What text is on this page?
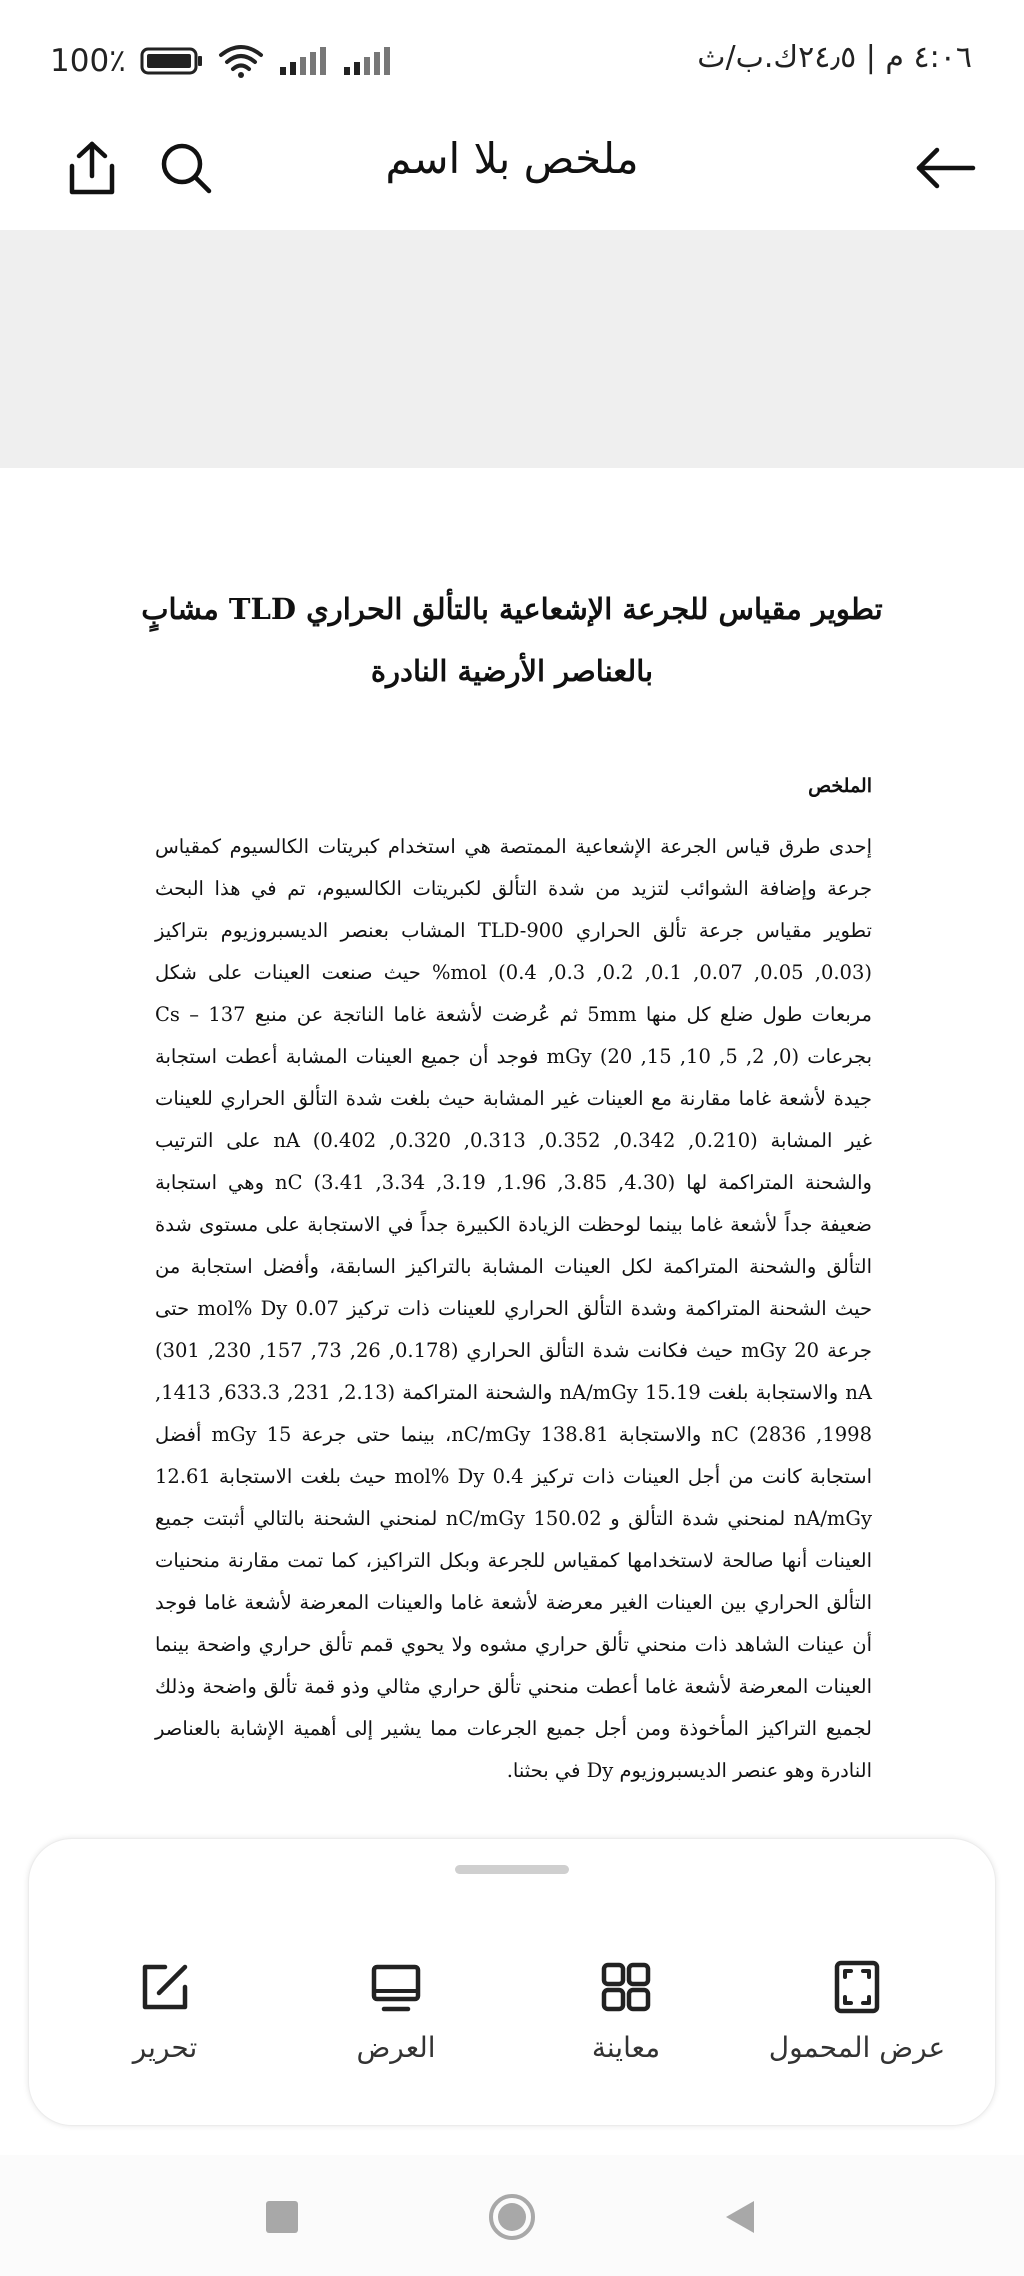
100٪	٤:٠٦ م | ٢٤٫٥ك.ب/ث
ملخص بلا اسم
تطوير مقياس للجرعة الإشعاعية بالتألق الحراري TLD مشابٍ
بالعناصر الأرضية النادرة
الملخص
إحدى طرق قياس الجرعة الإشعاعية الممتصة هي استخدام كبريتات الكالسيوم كمقياس جرعة وإضافة الشوائب لتزيد من شدة التألق لكبريتات الكالسيوم، تم في هذا البحث تطوير مقياس جرعة تألق الحراري TLD-900 المشاب بعنصر الديسبروزيوم بتراكيز (0.03, 0.05, 0.07, 0.1, 0.2, 0.3, 0.4) mol% حيث صنعت العينات على شكل مربعات طول ضلع كل منها 5mm ثم عُرضت لأشعة غاما الناتجة عن منبع Cs – 137 بجرعات (0, 2, 5, 10, 15, 20) mGy فوجد أن جميع العينات المشابة أعطت استجابة جيدة لأشعة غاما مقارنة مع العينات غير المشابة حيث بلغت شدة التألق الحراري للعينات غير المشابة (0.210, 0.342, 0.352, 0.313, 0.320, 0.402) nA على الترتيب والشحنة المتراكمة لها (4.30, 3.85, 1.96, 3.19, 3.34, 3.41) nC وهي استجابة ضعيفة جداً لأشعة غاما بينما لوحظت الزيادة الكبيرة جداً في الاستجابة على مستوى شدة التألق والشحنة المتراكمة لكل العينات المشابة بالتراكيز السابقة، وأفضل استجابة من حيث الشحنة المتراكمة وشدة التألق الحراري للعينات ذات تركيز 0.07 mol% Dy حتى جرعة 20 mGy حيث فكانت شدة التألق الحراري (0.178, 26, 73, 157, 230, 301) nA والاستجابة بلغت 15.19 nA/mGy والشحنة المتراكمة (2.13, 231, 633.3, 1413, 1998, 2836) nC والاستجابة 138.81 nC/mGy، بينما حتى جرعة 15 mGy أفضل استجابة كانت من أجل العينات ذات تركيز 0.4 mol% Dy حيث بلغت الاستجابة 12.61 nA/mGy لمنحني شدة التألق و 150.02 nC/mGy لمنحني الشحنة بالتالي أثبتت جميع العينات أنها صالحة لاستخدامها كمقياس للجرعة وبكل التراكيز، كما تمت مقارنة منحنيات التألق الحراري بين العينات الغير معرضة لأشعة غاما والعينات المعرضة لأشعة غاما فوجد أن عينات الشاهد ذات منحني تألق حراري مشوه ولا يحوي قمم تألق حراري واضحة بينما العينات المعرضة لأشعة غاما أعطت منحني تألق حراري مثالي وذو قمة تألق واضحة وذلك لجميع التراكيز المأخوذة ومن أجل جميع الجرعات مما يشير إلى أهمية الإشابة بالعناصر النادرة وهو عنصر الديسبروزيوم Dy في بحثنا.
تحرير	العرض	معاينة	عرض المحمول
